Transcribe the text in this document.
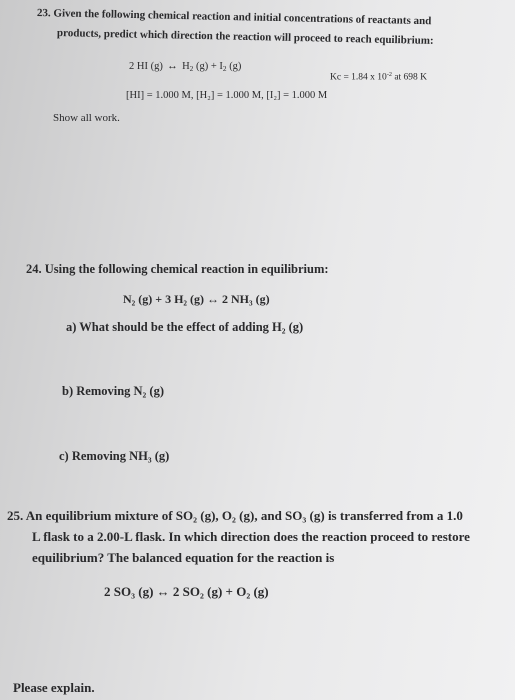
23. Given the following chemical reaction and initial concentrations of reactants and
products, predict which direction the reaction will proceed to reach equilibrium:
2 HI (g) ↔ $H_2$ $(g) + I_2$ (g)
Kc = 1.84 x $10^{-2}$ at 698 K
[HI] = 1.000 M, [H₂] = 1.000 M, [I₂] = 1.000 M
Show all work.
24. Using the following chemical reaction in equilibrium:
N₂ (g) + 3 H₂ (g) ↔ 2 NH₃ (g)
a) What should be the effect of adding H₂ (g)
b) Removing N₂ (g)
c) Removing NH₃ (g)
25. An equilibrium mixture of SO₂ (g), O₂ (g), and SO₃ (g) is transferred from a 1.0
L flask to a 2.00-L flask. In which direction does the reaction proceed to restore
equilibrium? The balanced equation for the reaction is
2 SO₃ (g) ↔ 2 SO₂ (g) + O₂ (g)
Please explain.
